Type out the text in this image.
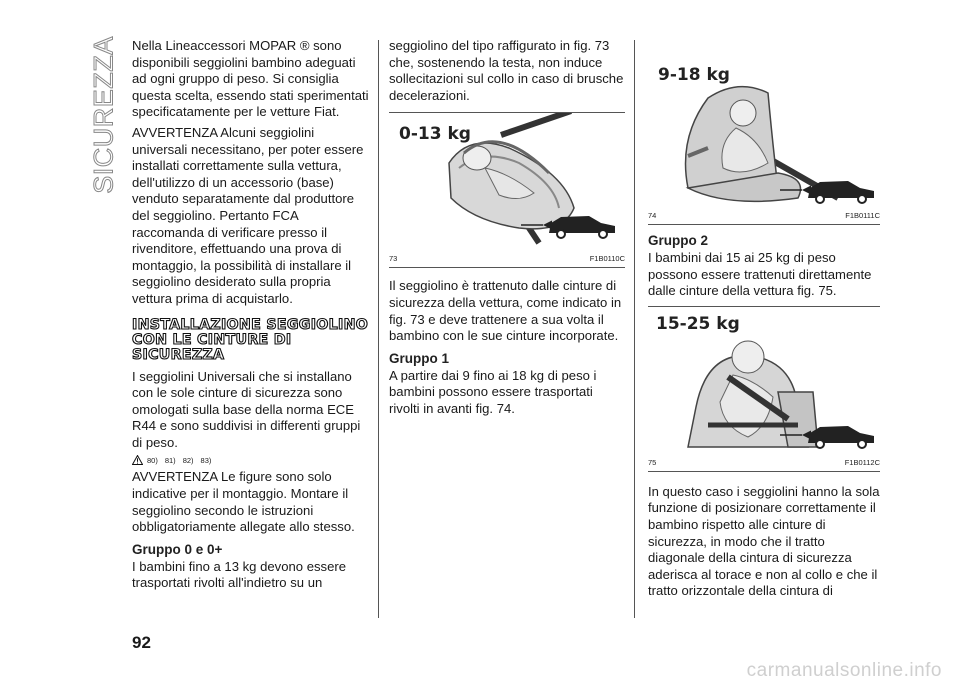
SICUREZZA Nella Lineaccessori MOPAR ® sono disponibili seggiolini bambino adeguati ad ogni gruppo di peso. Si consiglia questa scelta, essendo stati sperimentati specificatamente per le vetture Fiat.

AVVERTENZA Alcuni seggiolini universali necessitano, per poter essere installati correttamente sulla vettura, dell'utilizzo di un accessorio (base) venduto separatamente dal produttore del seggiolino. Pertanto FCA raccomanda di verificare presso il rivenditore, effettuando una prova di montaggio, la possibilità di installare il seggiolino desiderato sulla propria vettura prima di acquistarlo.

INSTALLAZIONE SEGGIOLINO CON LE CINTURE DI SICUREZZA

I seggiolini Universali che si installano con le sole cinture di sicurezza sono omologati sulla base della norma ECE R44 e sono suddivisi in differenti gruppi di peso.

80) 81) 82) 83)

AVVERTENZA Le figure sono solo indicative per il montaggio. Montare il seggiolino secondo le istruzioni obbligatoriamente allegate allo stesso.

Gruppo 0 e 0+

I bambini fino a 13 kg devono essere trasportati rivolti all'indietro su un

seggiolino del tipo raffigurato in fig. 73 che, sostenendo la testa, non induce sollecitazioni sul collo in caso di brusche decelerazioni.

0-13 kg
73	F1B0110C

Il seggiolino è trattenuto dalle cinture di sicurezza della vettura, come indicato in fig. 73 e deve trattenere a sua volta il bambino con le sue cinture incorporate.

Gruppo 1

A partire dai 9 fino ai 18 kg di peso i bambini possono essere trasportati rivolti in avanti fig. 74.

9-18 kg
74	F1B0111C
Gruppo 2

I bambini dai 15 ai 25 kg di peso possono essere trattenuti direttamente dalle cinture della vettura fig. 75.

15-25 kg
75	F1B0112C

In questo caso i seggiolini hanno la sola funzione di posizionare correttamente il bambino rispetto alle cinture di sicurezza, in modo che il tratto diagonale della cintura di sicurezza aderisca al torace e non al collo e che il tratto orizzontale della cintura di

92
carmanualsonline.info
